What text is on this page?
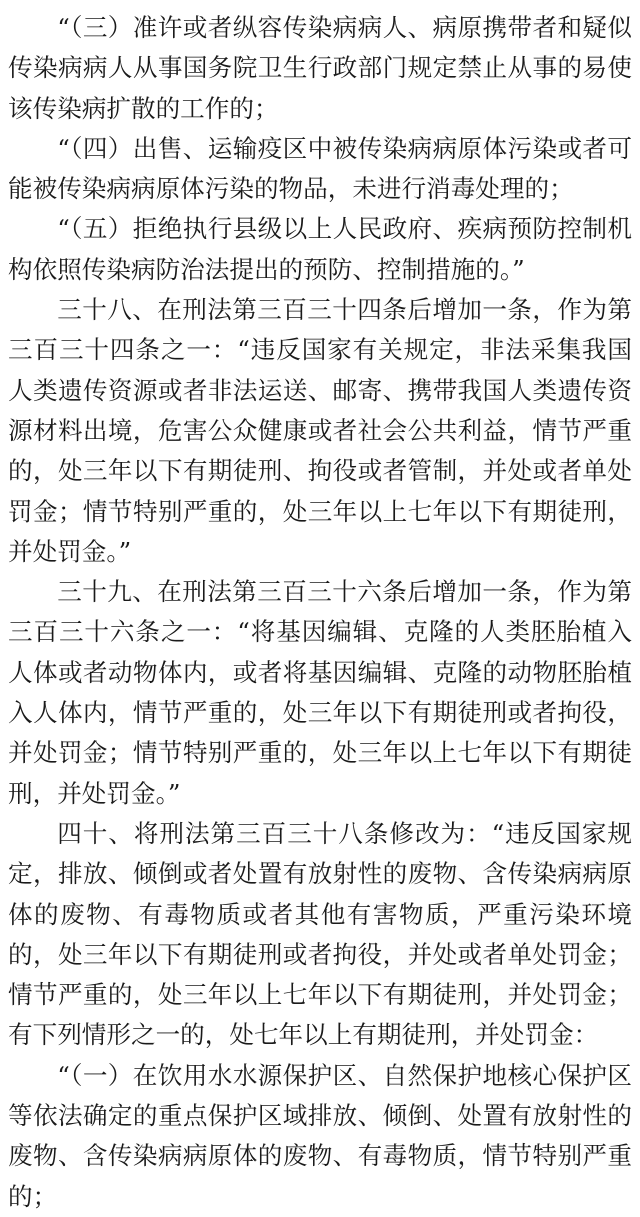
“（三）准许或者纵容传染病病人、病原携带者和疑似传染病病人从事国务院卫生行政部门规定禁止从事的易使该传染病扩散的工作的；

“（四）出售、运输疫区中被传染病病原体污染或者可能被传染病病原体污染的物品，未进行消毒处理的；

“（五）拒绝执行县级以上人民政府、疾病预防控制机构依照传染病防治法提出的预防、控制措施的。”

三十八、在刑法第三百三十四条后增加一条，作为第三百三十四条之一：“违反国家有关规定，非法采集我国人类遗传资源或者非法运送、邮寄、携带我国人类遗传资源材料出境，危害公众健康或者社会公共利益，情节严重的，处三年以下有期徒刑、拘役或者管制，并处或者单处罚金；情节特别严重的，处三年以上七年以下有期徒刑，并处罚金。”

三十九、在刑法第三百三十六条后增加一条，作为第三百三十六条之一：“将基因编辑、克隆的人类胚胎植入人体或者动物体内，或者将基因编辑、克隆的动物胚胎植入人体内，情节严重的，处三年以下有期徒刑或者拘役，并处罚金；情节特别严重的，处三年以上七年以下有期徒刑，并处罚金。”

四十、将刑法第三百三十八条修改为：“违反国家规定，排放、倾倒或者处置有放射性的废物、含传染病病原体的废物、有毒物质或者其他有害物质，严重污染环境的，处三年以下有期徒刑或者拘役，并处或者单处罚金；情节严重的，处三年以上七年以下有期徒刑，并处罚金；有下列情形之一的，处七年以上有期徒刑，并处罚金：

“（一）在饮用水水源保护区、自然保护地核心保护区等依法确定的重点保护区域排放、倾倒、处置有放射性的废物、含传染病病原体的废物、有毒物质，情节特别严重的；
